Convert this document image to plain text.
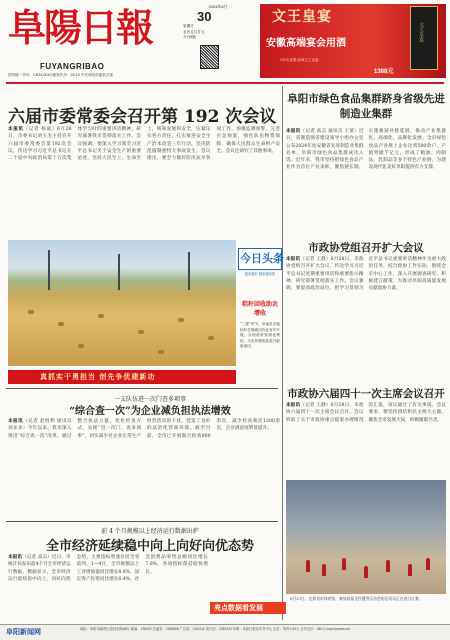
阜陽日報
FUYANGRIBAO
国内统一刊号：CN34-0010 邮发代号：25-10 中共阜阳市委机关报
2024年6月
30
星期日
农历五月廿五
今日8版
文王皇宴
安徽高端宴会用酒
100名优酒·品味文王皇宴
1388元
文王皇宴
六届市委常委会召开第 192 次会议
本报讯（记者 杨波）6月28日，市委书记刘玉杰主持召开六届市委常委会第192次会议，传达学习习近平总书记在二十届中央政治局第十五次集体学习时的重要讲话精神，研究部署我市贯彻落实工作。会议强调，要深入学习领会习近平总书记关于安全生产的重要论述，坚持人民至上、生命至上，统筹发展和安全，压紧压实各方责任，扎实推进安全生产治本攻坚三年行动，坚决防范遏制重特大事故发生。会议指出，要全力做好防汛抗旱各项工作，加强监测预警，完善应急预案，强化队伍物资保障，确保人民群众生命财产安全。会议还研究了其他事项。
阜阳市绿色食品集群跻身省级先进制造业集群
本报讯（记者 高志 通讯员 王蕾）近日，省制造强省建设领导小组办公室公布2024年度安徽省先进制造业集群名单，阜阳市绿色食品集群成功入选。近年来，我市坚持把绿色食品产业作为首位产业来抓，聚焦链长制，实施强链补链延链，推动产业集群化、高端化、品牌化发展。全市绿色食品产业规上企业达到500余户，产值突破千亿元，形成了粮油、肉制品、乳制品等多个特色产业链，为建设现代化美好阜阳提供有力支撑。
今日头条
越来越好·越来越阜阳
秸秆回收助农增收
“三夏”时节，阜南县各地秸秆打捆离田作业有序开展，实现秸秆资源化利用，为农民增收致富开辟新途径。
真抓实干勇担当 创先争优建新功
市政协党组召开扩大会议
本报讯（记者 王静）6月28日，市政协党组召开扩大会议，传达学习习近平总书记近期重要讲话和重要指示精神，研究部署贯彻落实工作。会议强调，要提高政治站位，把学习贯彻习近平总书记重要讲话精神作为重大政治任务，结合政协工作实际，围绕全市中心工作，深入开展调查研究，积极建言献策，为推动阜阳高质量发展贡献政协力量。
市政协六届四十一次主席会议召开
本报讯（记者 王静）6月28日，市政协六届四十一次主席会议召开。会议听取了关于市政协重点提案办理情况的汇报，审议通过了有关事项。会议要求，要坚持团结和民主两大主题，聚焦全市发展大局，积极履职尽责。
一支队伍进一次门查多项事
“综合查一次”为企业减负担执法增效
本报讯（记者 赵胜利 通讯员 刘多多）今年以来，我市深入推进“综合查一次”改革，通过整合执法力量，优化检查方式，实现“进一次门、查多项事”，切实减少对企业正常生产经营活动的干扰，营造了良好的法治化营商环境。截至目前，全市已开展联合检查800余次，减少检查频次1200余次，企业满意度明显提升。
前 4 个月规模以上经济运行数据出炉
全市经济延续稳中向上向好向优态势
本报讯（记者 高志）近日，市统计局发布前4个月全市经济运行数据。数据显示，全市经济运行延续稳中向上、向好向优态势，主要指标增速位居全省前列。1—4月，全市规模以上工业增加值同比增长8.8%，固定资产投资同比增长6.4%，社会消费品零售总额同比增长7.0%，各项指标保持较快增长。
亮点数据看发展
6月27日，在界首市体育馆，参加首届全民健身运动会的运动员正在进行比赛。
阜阳新闻网	地址：阜阳市颍州区清河东路88号 邮编：236000 总编室：2268888 广告部：2261111 发行部：2263333 印刷：阜阳日报社印务中心 定价：每份1.50元 全年定价：480元 www.fynews.net
